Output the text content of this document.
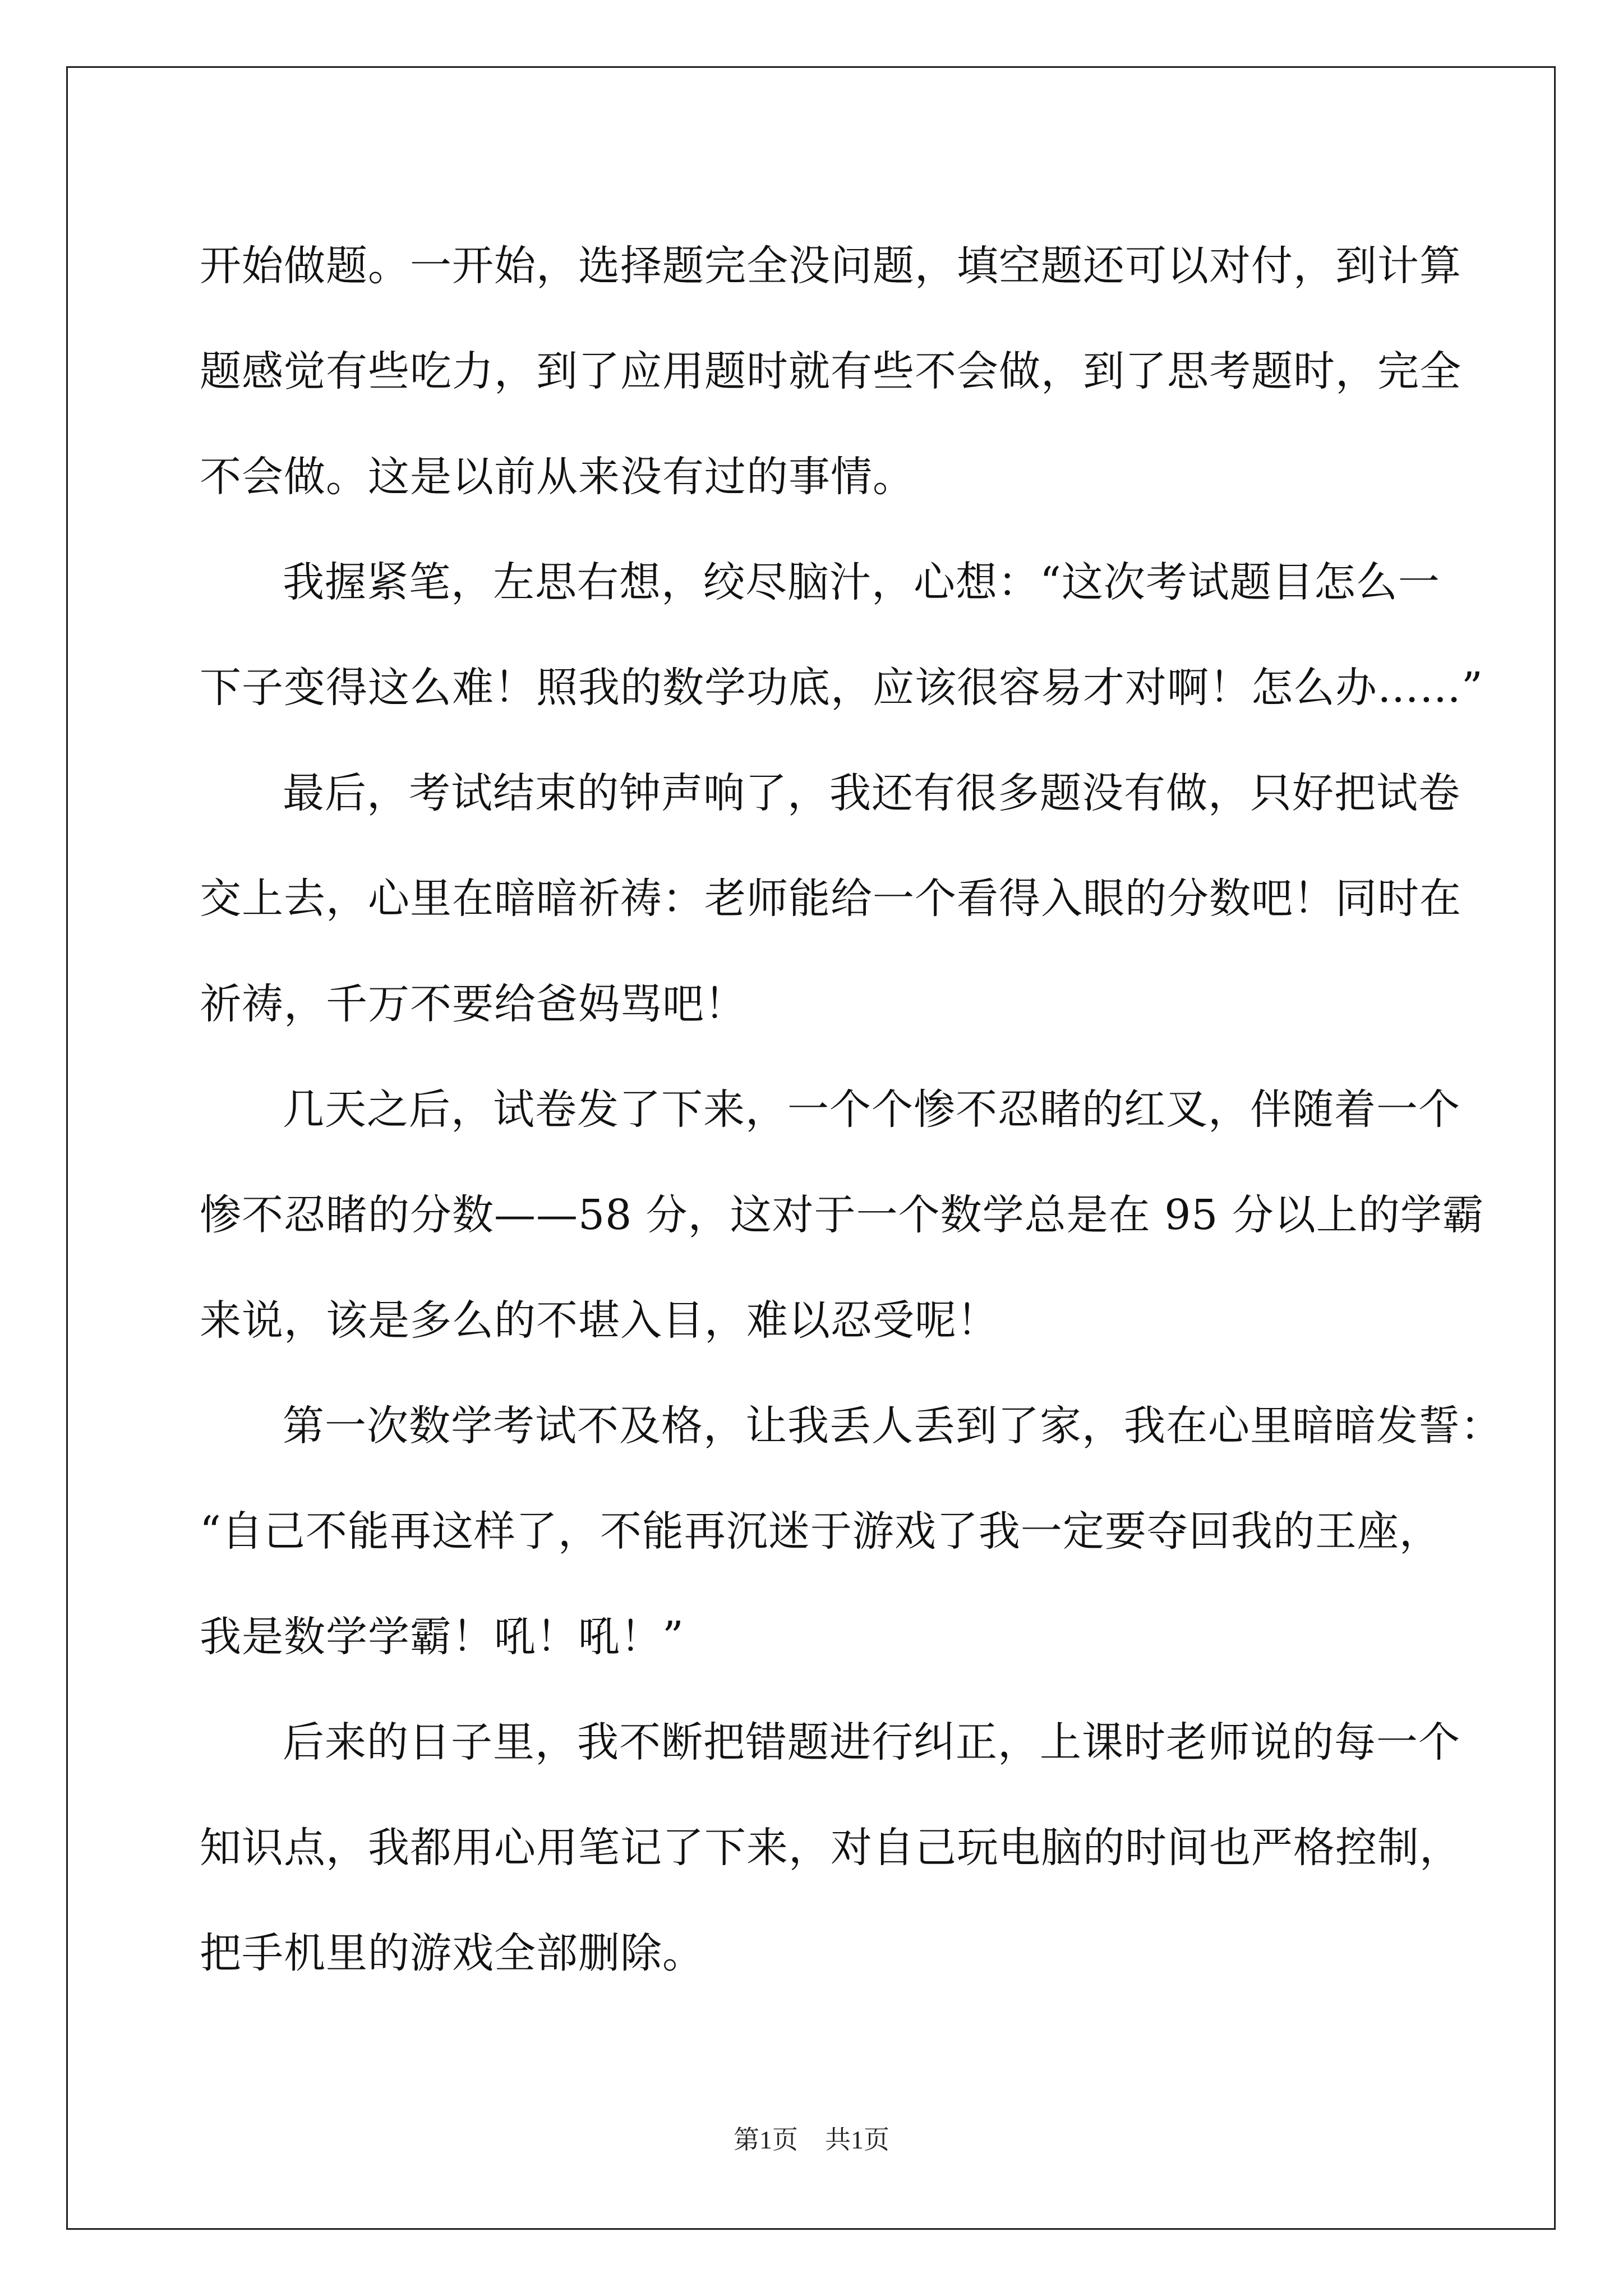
开始做题。一开始，选择题完全没问题，填空题还可以对付，到计算
题感觉有些吃力，到了应用题时就有些不会做，到了思考题时，完全
不会做。这是以前从来没有过的事情。

我握紧笔，左思右想，绞尽脑汁，心想：“这次考试题目怎么一
下子变得这么难！照我的数学功底，应该很容易才对啊！怎么办……”

最后，考试结束的钟声响了，我还有很多题没有做，只好把试卷
交上去，心里在暗暗祈祷：老师能给一个看得入眼的分数吧！同时在
祈祷，千万不要给爸妈骂吧！

几天之后，试卷发了下来，一个个惨不忍睹的红叉，伴随着一个
惨不忍睹的分数——58 分，这对于一个数学总是在 95 分以上的学霸
来说，该是多么的不堪入目，难以忍受呢！

第一次数学考试不及格，让我丢人丢到了家，我在心里暗暗发誓：
“自己不能再这样了，不能再沉迷于游戏了我一定要夺回我的王座，
我是数学学霸！吼！吼！”

后来的日子里，我不断把错题进行纠正，上课时老师说的每一个
知识点，我都用心用笔记了下来，对自己玩电脑的时间也严格控制，
把手机里的游戏全部删除。

第1页 共1页
